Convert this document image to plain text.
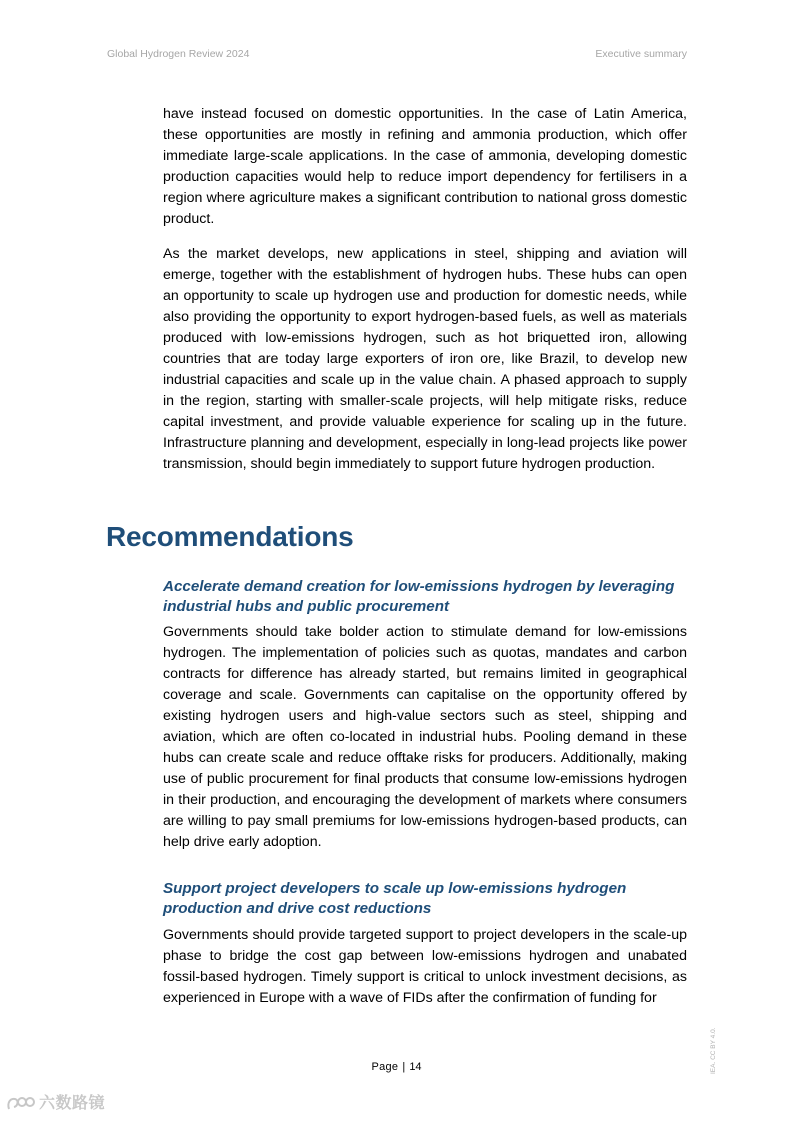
Global Hydrogen Review 2024	Executive summary

have instead focused on domestic opportunities. In the case of Latin America, these opportunities are mostly in refining and ammonia production, which offer immediate large-scale applications. In the case of ammonia, developing domestic production capacities would help to reduce import dependency for fertilisers in a region where agriculture makes a significant contribution to national gross domestic product.

As the market develops, new applications in steel, shipping and aviation will emerge, together with the establishment of hydrogen hubs. These hubs can open an opportunity to scale up hydrogen use and production for domestic needs, while also providing the opportunity to export hydrogen-based fuels, as well as materials produced with low-emissions hydrogen, such as hot briquetted iron, allowing countries that are today large exporters of iron ore, like Brazil, to develop new industrial capacities and scale up in the value chain. A phased approach to supply in the region, starting with smaller-scale projects, will help mitigate risks, reduce capital investment, and provide valuable experience for scaling up in the future. Infrastructure planning and development, especially in long-lead projects like power transmission, should begin immediately to support future hydrogen production.

Recommendations
Accelerate demand creation for low-emissions hydrogen by leveraging industrial hubs and public procurement

Governments should take bolder action to stimulate demand for low-emissions hydrogen. The implementation of policies such as quotas, mandates and carbon contracts for difference has already started, but remains limited in geographical coverage and scale. Governments can capitalise on the opportunity offered by existing hydrogen users and high-value sectors such as steel, shipping and aviation, which are often co-located in industrial hubs. Pooling demand in these hubs can create scale and reduce offtake risks for producers. Additionally, making use of public procurement for final products that consume low-emissions hydrogen in their production, and encouraging the development of markets where consumers are willing to pay small premiums for low-emissions hydrogen-based products, can help drive early adoption.

Support project developers to scale up low-emissions hydrogen production and drive cost reductions

Governments should provide targeted support to project developers in the scale-up phase to bridge the cost gap between low-emissions hydrogen and unabated fossil-based hydrogen. Timely support is critical to unlock investment decisions, as experienced in Europe with a wave of FIDs after the confirmation of funding for

Page | 14	IEA. CC BY 4.0.
六数路镜
